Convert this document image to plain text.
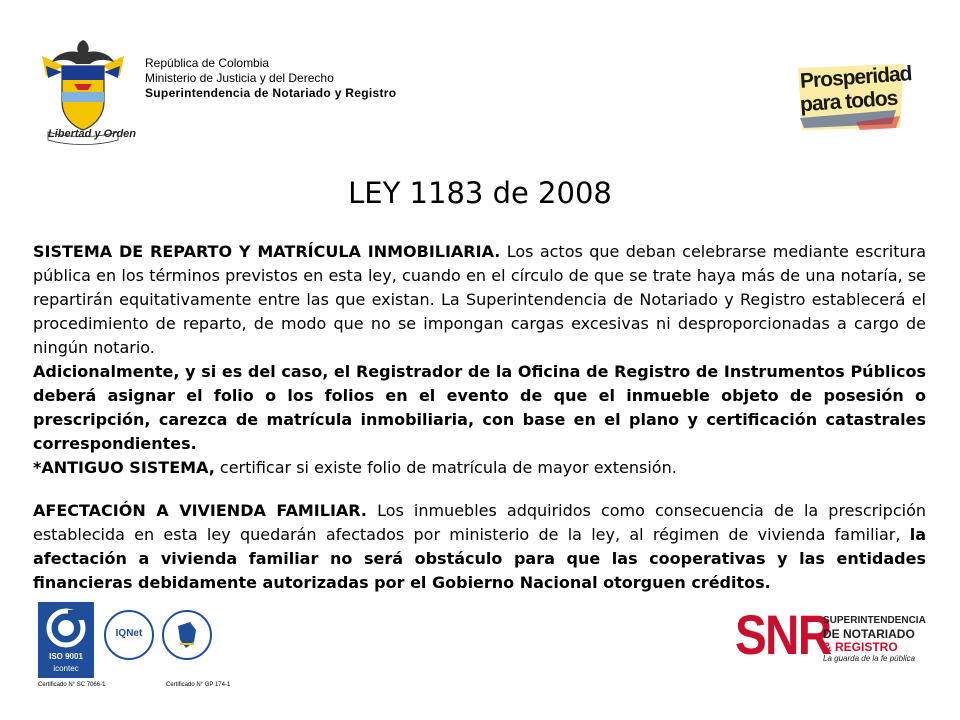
Libertad y Orden
República de Colombia
Ministerio de Justicia y del Derecho
Superintendencia de Notariado y Registro
Prosperidad
para todos
LEY 1183 de 2008

SISTEMA DE REPARTO Y MATRÍCULA INMOBILIARIA. Los actos que deban celebrarse mediante escritura pública en los términos previstos en esta ley, cuando en el círculo de que se trate haya más de una notaría, se repartirán equitativamente entre las que existan. La Superintendencia de Notariado y Registro establecerá el procedimiento de reparto, de modo que no se impongan cargas excesivas ni desproporcionadas a cargo de ningún notario.

Adicionalmente, y si es del caso, el Registrador de la Oficina de Registro de Instrumentos Públicos deberá asignar el folio o los folios en el evento de que el inmueble objeto de posesión o prescripción, carezca de matrícula inmobiliaria, con base en el plano y certificación catastrales correspondientes.

*ANTIGUO SISTEMA, certificar si existe folio de matrícula de mayor extensión.

AFECTACIÓN A VIVIENDA FAMILIAR. Los inmuebles adquiridos como consecuencia de la prescripción establecida en esta ley quedarán afectados por ministerio de la ley, al régimen de vivienda familiar, la afectación a vivienda familiar no será obstáculo para que las cooperativas y las entidades financieras debidamente autorizadas por el Gobierno Nacional otorguen créditos.

ISO 9001
icontec
Certificado N° SC 7066-1
IQNet
Certificado N° GP 174-1
SNR
SUPERINTENDENCIA
DE NOTARIADO
& REGISTRO
La guarda de la fe pública
